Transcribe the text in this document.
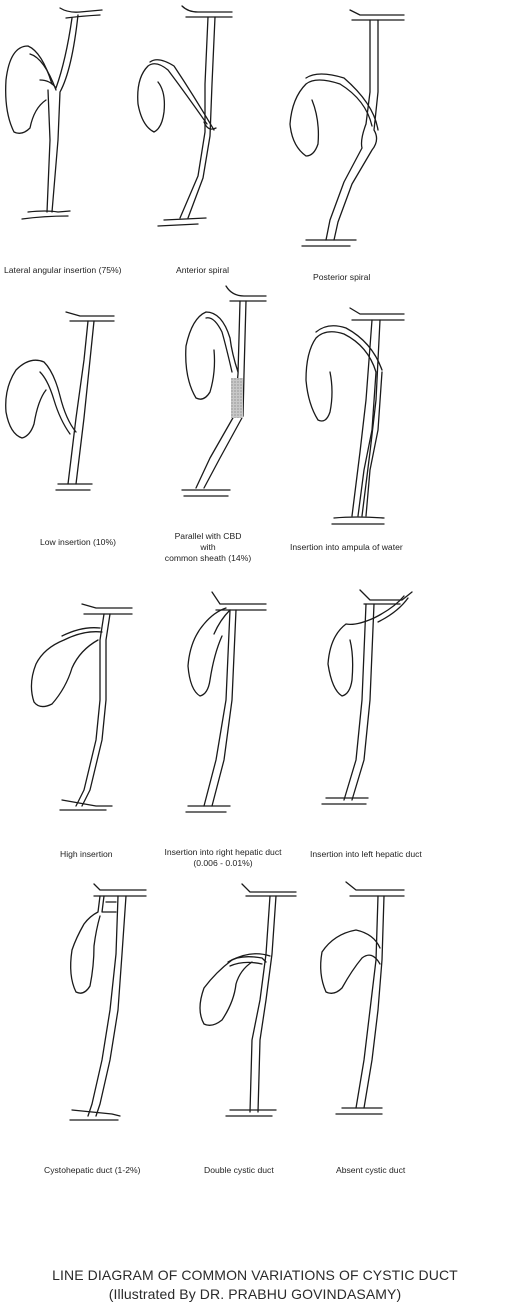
Lateral angular insertion (75%)	Anterior spiral
Posterior spiral
Low insertion (10%)
Parallel with CBD
with
common sheath (14%)
Insertion into ampula of water
High insertion	Insertion into right hepatic duct
(0.006 - 0.01%)
Insertion into left hepatic duct
Cystohepatic duct (1-2%)	Double cystic duct	Absent cystic duct
LINE DIAGRAM OF COMMON VARIATIONS OF CYSTIC DUCT
(Illustrated By DR. PRABHU GOVINDASAMY)
